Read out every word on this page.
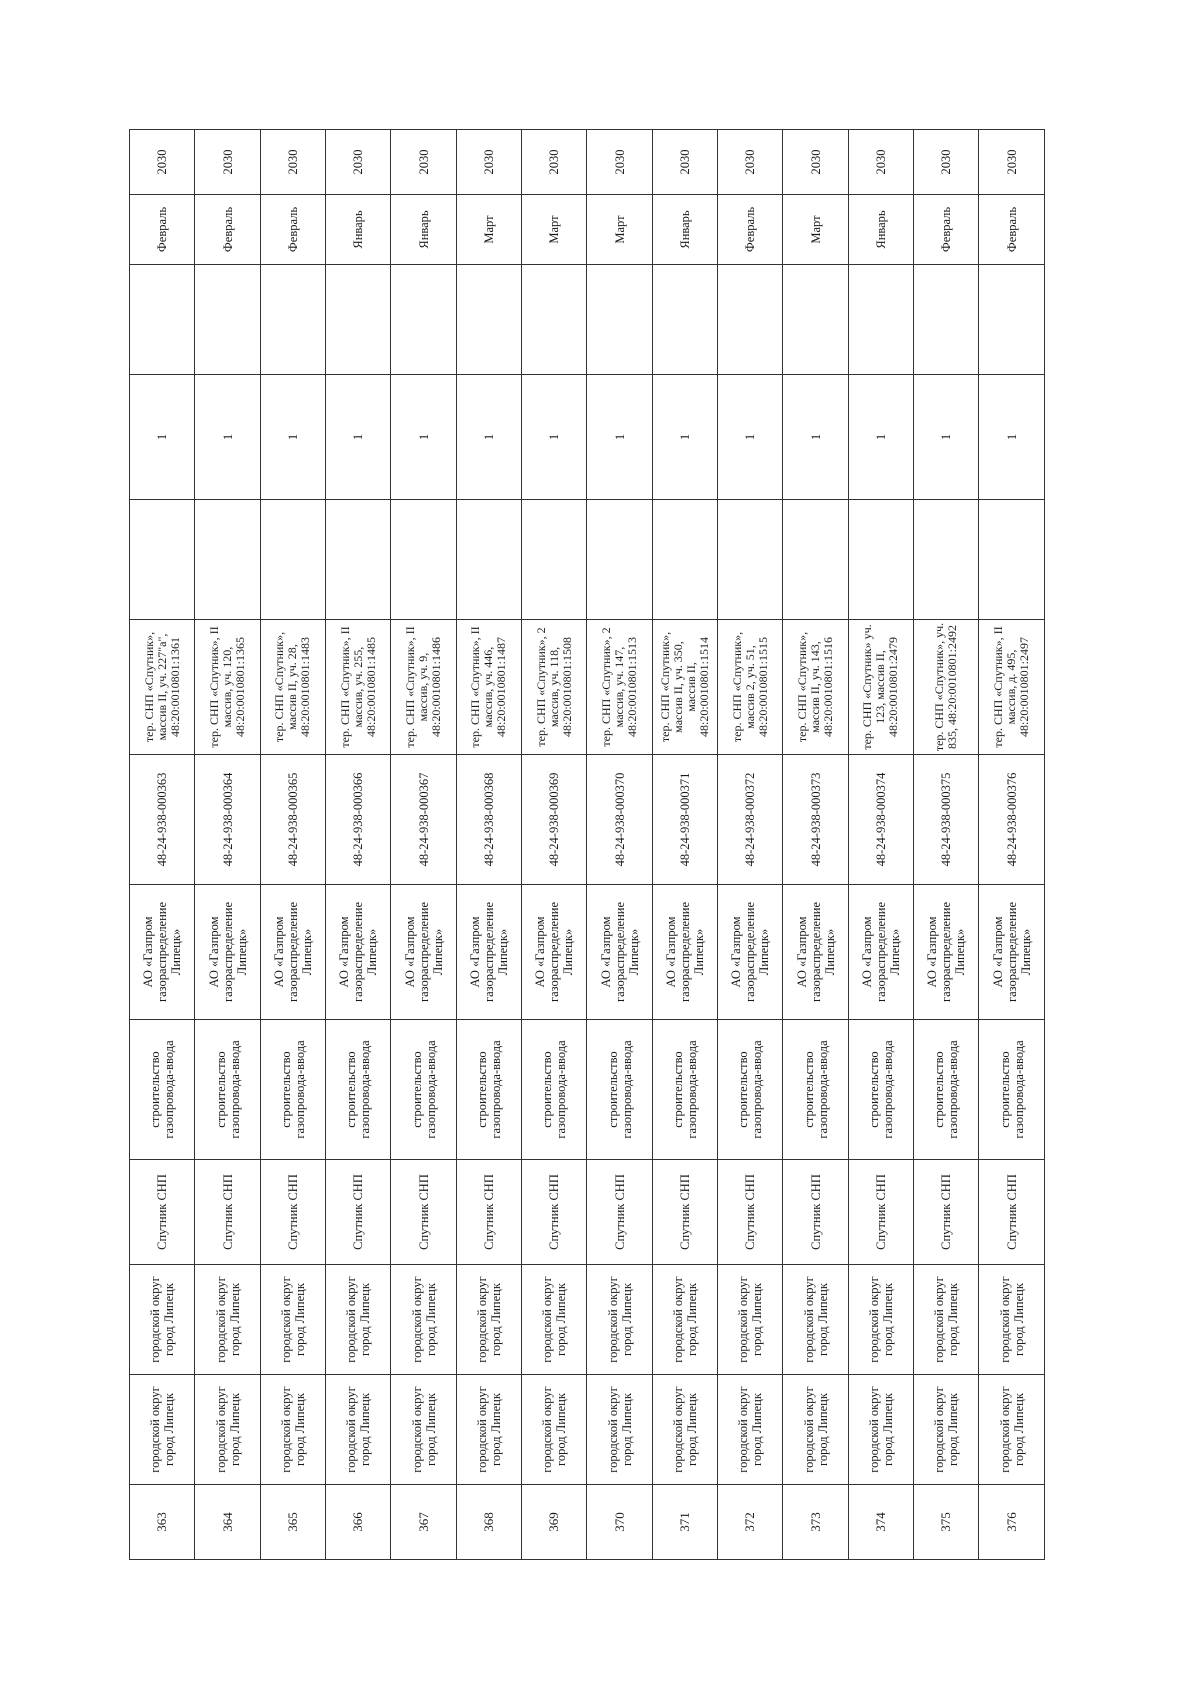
363	городской округ город Липецк	городской округ город Липецк	Спутник СНП	строительство газопровода-ввода	АО «Газпром газораспределение Липецк»	48-24-938-000363	тер. СНП «Спутник», массив II, уч. 227"а", 48:20:0010801:1361		1		Февраль	2030
364	городской округ город Липецк	городской округ город Липецк	Спутник СНП	строительство газопровода-ввода	АО «Газпром газораспределение Липецк»	48-24-938-000364	тер. СНП «Спутник», II массив, уч. 120, 48:20:0010801:1365		1		Февраль	2030
365	городской округ город Липецк	городской округ город Липецк	Спутник СНП	строительство газопровода-ввода	АО «Газпром газораспределение Липецк»	48-24-938-000365	тер. СНП «Спутник», массив II, уч. 28, 48:20:0010801:1483		1		Февраль	2030
366	городской округ город Липецк	городской округ город Липецк	Спутник СНП	строительство газопровода-ввода	АО «Газпром газораспределение Липецк»	48-24-938-000366	тер. СНП «Спутник», II массив, уч. 255, 48:20:0010801:1485		1		Январь	2030
367	городской округ город Липецк	городской округ город Липецк	Спутник СНП	строительство газопровода-ввода	АО «Газпром газораспределение Липецк»	48-24-938-000367	тер. СНП «Спутник», II массив, уч. 9, 48:20:0010801:1486		1		Январь	2030
368	городской округ город Липецк	городской округ город Липецк	Спутник СНП	строительство газопровода-ввода	АО «Газпром газораспределение Липецк»	48-24-938-000368	тер. СНП «Спутник», II массив, уч. 446, 48:20:0010801:1487		1		Март	2030
369	городской округ город Липецк	городской округ город Липецк	Спутник СНП	строительство газопровода-ввода	АО «Газпром газораспределение Липецк»	48-24-938-000369	тер. СНП «Спутник», 2 массив, уч. 118, 48:20:0010801:1508		1		Март	2030
370	городской округ город Липецк	городской округ город Липецк	Спутник СНП	строительство газопровода-ввода	АО «Газпром газораспределение Липецк»	48-24-938-000370	тер. СНП «Спутник», 2 массив, уч. 147, 48:20:0010801:1513		1		Март	2030
371	городской округ город Липецк	городской округ город Липецк	Спутник СНП	строительство газопровода-ввода	АО «Газпром газораспределение Липецк»	48-24-938-000371	тер. СНП «Спутник», массив II, уч. 350, массив II, 48:20:0010801:1514		1		Январь	2030
372	городской округ город Липецк	городской округ город Липецк	Спутник СНП	строительство газопровода-ввода	АО «Газпром газораспределение Липецк»	48-24-938-000372	тер. СНП «Спутник», массив 2, уч. 51, 48:20:0010801:1515		1		Февраль	2030
373	городской округ город Липецк	городской округ город Липецк	Спутник СНП	строительство газопровода-ввода	АО «Газпром газораспределение Липецк»	48-24-938-000373	тер. СНП «Спутник», массив II, уч. 143, 48:20:0010801:1516		1		Март	2030
374	городской округ город Липецк	городской округ город Липецк	Спутник СНП	строительство газопровода-ввода	АО «Газпром газораспределение Липецк»	48-24-938-000374	тер. СНП «Спутник» уч. 123, массив II, 48:20:0010801:2479		1		Январь	2030
375	городской округ город Липецк	городской округ город Липецк	Спутник СНП	строительство газопровода-ввода	АО «Газпром газораспределение Липецк»	48-24-938-000375	тер. СНП «Спутник», уч. 835, 48:20:0010801:2492		1		Февраль	2030
376	городской округ город Липецк	городской округ город Липецк	Спутник СНП	строительство газопровода-ввода	АО «Газпром газораспределение Липецк»	48-24-938-000376	тер. СНП «Спутник», II массив, д. 495, 48:20:0010801:2497		1		Февраль	2030
